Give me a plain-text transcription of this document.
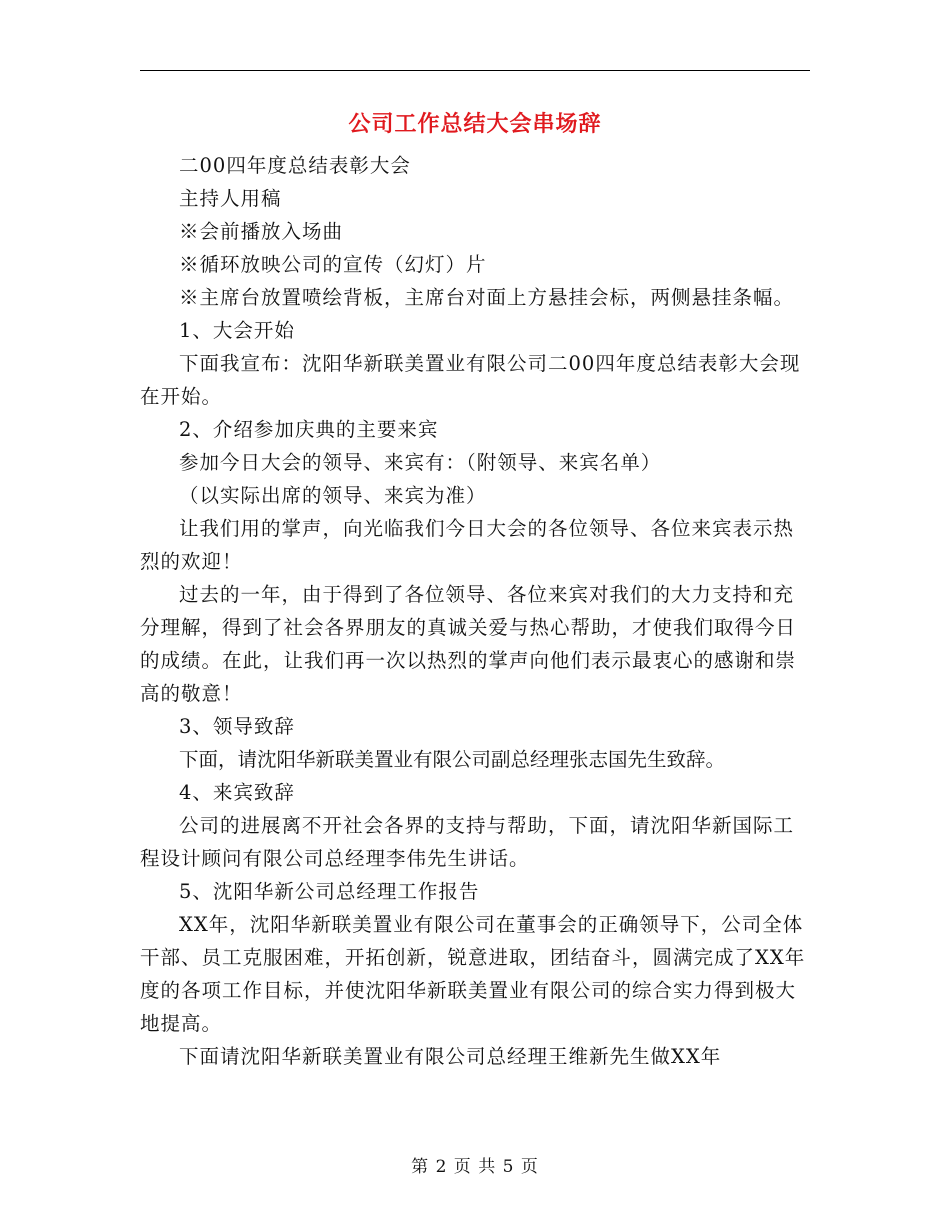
公司工作总结大会串场辞

二00四年度总结表彰大会

主持人用稿

※会前播放入场曲

※循环放映公司的宣传（幻灯）片

※主席台放置喷绘背板，主席台对面上方悬挂会标，两侧悬挂条幅。

1、大会开始

下面我宣布：沈阳华新联美置业有限公司二00四年度总结表彰大会现在开始。

2、介绍参加庆典的主要来宾

参加今日大会的领导、来宾有：（附领导、来宾名单）

（以实际出席的领导、来宾为准）

让我们用的掌声，向光临我们今日大会的各位领导、各位来宾表示热烈的欢迎！

过去的一年，由于得到了各位领导、各位来宾对我们的大力支持和充分理解，得到了社会各界朋友的真诚关爱与热心帮助，才使我们取得今日的成绩。在此，让我们再一次以热烈的掌声向他们表示最衷心的感谢和崇高的敬意！

3、领导致辞

下面，请沈阳华新联美置业有限公司副总经理张志国先生致辞。

4、来宾致辞

公司的进展离不开社会各界的支持与帮助，下面，请沈阳华新国际工程设计顾问有限公司总经理李伟先生讲话。

5、沈阳华新公司总经理工作报告

XX年，沈阳华新联美置业有限公司在董事会的正确领导下，公司全体干部、员工克服困难，开拓创新，锐意进取，团结奋斗，圆满完成了XX年度的各项工作目标，并使沈阳华新联美置业有限公司的综合实力得到极大地提高。

下面请沈阳华新联美置业有限公司总经理王维新先生做XX年

第 2 页 共 5 页
